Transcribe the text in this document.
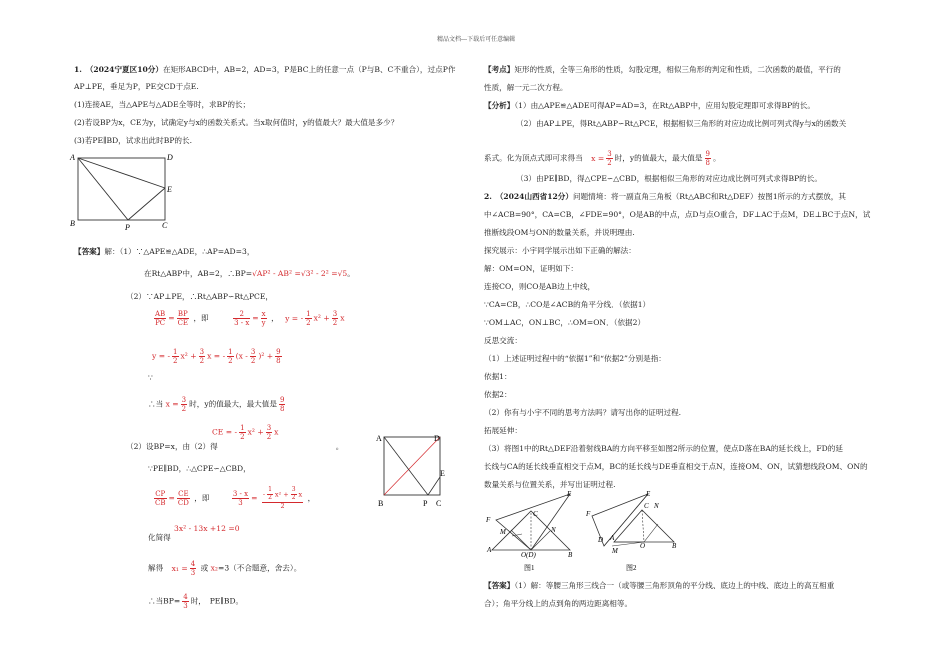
精品文档---下载后可任意编辑
1.　（2024宁夏区10分）在矩形ABCD中，AB=2，AD=3，P是BC上的任意一点（P与B、C不重合），过点P作
AP⊥PE，垂足为P，PE交CD于点E.
(1)连接AE，当△APE与△ADE全等时，求BP的长；
(2)若设BP为x，CE为y，试确定y与x的函数关系式。当x取何值时，y的值最大？最大值是多少？
(3)若PE∥BD，试求出此时BP的长.
A	D
E
B	P	C
【答案】解：（1）∵△APE≌△ADE，∴AP=AD=3，
在Rt△ABP中，AB=2，∴BP=√AP² - AB² =√3² - 2² =√5。
（2）∵AP⊥PE，∴Rt△ABP∽Rt△PCE，
$\frac{AB}{PC} = \frac{BP}{CE}$ ，即	$\frac{2}{3 - x} = \frac{x}{y}$ ， y = - $\frac{1}{2} x^2 + \frac{3}{2}$ x
y = - $\frac{1}{2} x^2 + \frac{3}{2}$ x = - $\frac{1}{2} (x - \frac{3}{2} )^2 + \frac{9}{8}$
∵
∴当 $x = \frac{3}{2}$ 时，y的值最大，最大值是 $\frac{9}{8}$
CE = - $\frac{1}{2} x^2 + \frac{3}{2}$ x
（2）设BP=x，由（2）得	。
∵PE∥BD，∴△CPE∽△CBD，
$\frac{CP}{CB} = \frac{CE}{CD}$ ，即	$\frac{3 - x}{3} = \frac{- \frac{1}{2} x^2 + \frac{3}{2} x}{2}$ ，
3x² - 13x +12 =0
化简得
解得 $x_1 = \frac{4}{3}$ 或 x₂=3（不合题意，舍去）。
∴当$BP= \frac{4}{3}$ 时，　PE∥BD。
A	D
E
B	P C
【考点】矩形的性质，全等三角形的性质，勾股定理，相似三角形的判定和性质，二次函数的最值，平行的
性质，解一元二次方程。
【分析】（1）由△APE≌△ADE可得AP=AD=3，在Rt△ABP中，应用勾股定理即可求得BP的长。
（2）由AP⊥PE，得Rt△ABP∽Rt△PCE，根据相似三角形的对应边成比例可列式得y与x的函数关
系式。化为顶点式即可求得当 $x = \frac{3}{2}$ 时，y的值最大，最大值是 $\frac{9}{8}$ 。
（3）由PE∥BD，得△CPE∽△CBD，根据相似三角形的对应边成比例可列式求得BP的长。
2.　（2024山西省12分）问题情境：将一副直角三角板（Rt△ABC和Rt△DEF）按图1所示的方式摆放，其
中∠ACB=90°，CA=CB，∠FDE=90°，O是AB的中点，点D与点O重合，DF⊥AC于点M，DE⊥BC于点N，试
推断线段OM与ON的数量关系，并说明理由.
探究展示：小宇同学展示出如下正确的解法：
解：OM=ON，证明如下：
连接CO，则CO是AB边上中线，
∵CA=CB，∴CO是∠ACB的角平分线．（依据1）
∵OM⊥AC，ON⊥BC，∴OM=ON．（依据2）
反思交流：
（1）上述证明过程中的“依据1”和“依据2”分别是指：
依据1：
依据2：
（2）你有与小宇不同的思考方法吗？请写出你的证明过程.
拓展延伸：
（3）将图1中的Rt△DEF沿着射线BA的方向平移至如图2所示的位置，使点D落在BA的延长线上，FD的延
长线与CA的延长线垂直相交于点M，BC的延长线与DE垂直相交于点N，连接OM、ON，试猜想线段OM、ON的
数量关系与位置关系，并写出证明过程.
E
F
C
M	N
A
O(D)	B
图1
E
F
C N
D A
M
O	B
图2
【答案】（1）解：等腰三角形三线合一（或等腰三角形顶角的平分线、底边上的中线、底边上的高互相重
合）；角平分线上的点到角的两边距离相等。
